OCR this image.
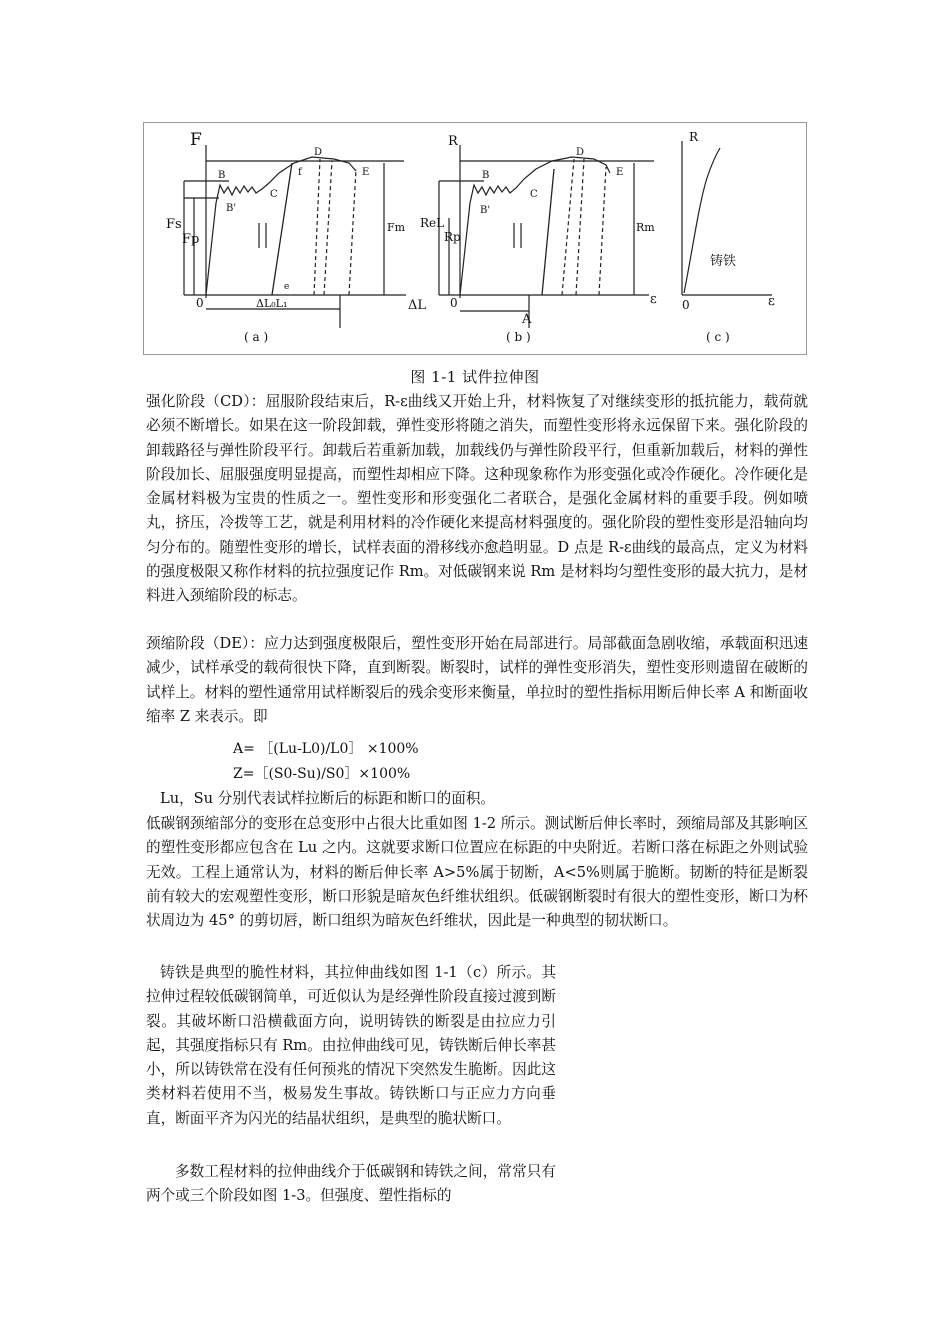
F
ΔL
0
Fs
Fp
Fm
B
B'
C
D
E
f
e
ΔL₀L₁
( a )
R
ε
0
ReL
Rp
Rm
B
B'
C
D
E
A
( b )
R
ε
0
铸铁
( c )
图 1-1 试件拉伸图

强化阶段（CD）：屈服阶段结束后，R-ε曲线又开始上升，材料恢复了对继续变形的抵抗能力，载荷就必须不断增长。如果在这一阶段卸载，弹性变形将随之消失，而塑性变形将永远保留下来。强化阶段的卸载路径与弹性阶段平行。卸载后若重新加载，加载线仍与弹性阶段平行，但重新加载后，材料的弹性阶段加长、屈服强度明显提高，而塑性却相应下降。这种现象称作为形变强化或冷作硬化。冷作硬化是金属材料极为宝贵的性质之一。塑性变形和形变强化二者联合，是强化金属材料的重要手段。例如喷丸，挤压，冷拨等工艺，就是利用材料的冷作硬化来提高材料强度的。强化阶段的塑性变形是沿轴向均匀分布的。随塑性变形的增长，试样表面的滑移线亦愈趋明显。D 点是 R-ε曲线的最高点，定义为材料的强度极限又称作材料的抗拉强度记作 Rm。对低碳钢来说 Rm 是材料均匀塑性变形的最大抗力，是材料进入颈缩阶段的标志。

颈缩阶段（DE）：应力达到强度极限后，塑性变形开始在局部进行。局部截面急剧收缩，承载面积迅速减少，试样承受的载荷很快下降，直到断裂。断裂时，试样的弹性变形消失，塑性变形则遗留在破断的试样上。材料的塑性通常用试样断裂后的残余变形来衡量，单拉时的塑性指标用断后伸长率 A 和断面收缩率 Z 来表示。即

A= ［(Lu-L0)/L0］ ×100%
Z=［(S0-Su)/S0］×100%

Lu，Su 分别代表试样拉断后的标距和断口的面积。

低碳钢颈缩部分的变形在总变形中占很大比重如图 1-2 所示。测试断后伸长率时，颈缩局部及其影响区的塑性变形都应包含在 Lu 之内。这就要求断口位置应在标距的中央附近。若断口落在标距之外则试验无效。工程上通常认为，材料的断后伸长率 A>5%属于韧断，A<5%则属于脆断。韧断的特征是断裂前有较大的宏观塑性变形，断口形貌是暗灰色纤维状组织。低碳钢断裂时有很大的塑性变形，断口为杯状周边为 45° 的剪切唇，断口组织为暗灰色纤维状，因此是一种典型的韧状断口。

铸铁是典型的脆性材料，其拉伸曲线如图 1-1（c）所示。其拉伸过程较低碳钢简单，可近似认为是经弹性阶段直接过渡到断裂。其破坏断口沿横截面方向，说明铸铁的断裂是由拉应力引起，其强度指标只有 Rm。由拉伸曲线可见，铸铁断后伸长率甚小，所以铸铁常在没有任何预兆的情况下突然发生脆断。因此这类材料若使用不当，极易发生事故。铸铁断口与正应力方向垂直，断面平齐为闪光的结晶状组织，是典型的脆状断口。

多数工程材料的拉伸曲线介于低碳钢和铸铁之间，常常只有两个或三个阶段如图 1-3。但强度、塑性指标的
